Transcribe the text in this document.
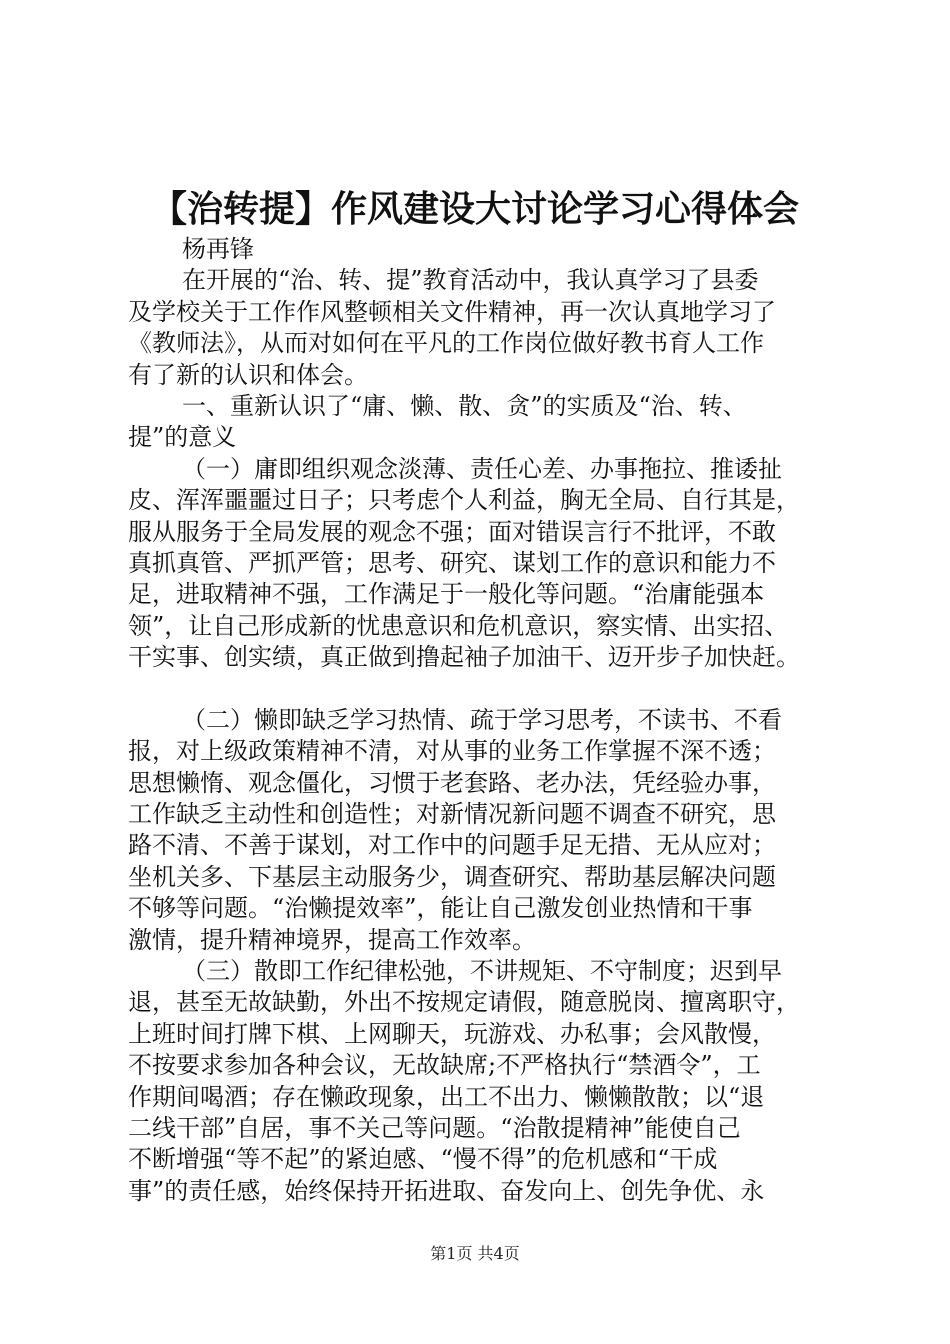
【治转提】作风建设大讨论学习心得体会
杨再锋
在开展的“治、转、提”教育活动中，我认真学习了县委
及学校关于工作作风整顿相关文件精神，再一次认真地学习了
《教师法》，从而对如何在平凡的工作岗位做好教书育人工作
有了新的认识和体会。
一、重新认识了“庸、懒、散、贪”的实质及“治、转、
提”的意义
（一）庸即组织观念淡薄、责任心差、办事拖拉、推诿扯
皮、浑浑噩噩过日子；只考虑个人利益，胸无全局、自行其是，
服从服务于全局发展的观念不强；面对错误言行不批评，不敢
真抓真管、严抓严管；思考、研究、谋划工作的意识和能力不
足，进取精神不强，工作满足于一般化等问题。“治庸能强本
领”，让自己形成新的忧患意识和危机意识，察实情、出实招、
干实事、创实绩，真正做到撸起袖子加油干、迈开步子加快赶。
（二）懒即缺乏学习热情、疏于学习思考，不读书、不看
报，对上级政策精神不清，对从事的业务工作掌握不深不透；
思想懒惰、观念僵化，习惯于老套路、老办法，凭经验办事，
工作缺乏主动性和创造性；对新情况新问题不调查不研究，思
路不清、不善于谋划，对工作中的问题手足无措、无从应对；
坐机关多、下基层主动服务少，调查研究、帮助基层解决问题
不够等问题。“治懒提效率”，能让自己激发创业热情和干事
激情，提升精神境界，提高工作效率。
（三）散即工作纪律松弛，不讲规矩、不守制度；迟到早
退，甚至无故缺勤，外出不按规定请假，随意脱岗、擅离职守，
上班时间打牌下棋、上网聊天，玩游戏、办私事；会风散慢，
不按要求参加各种会议，无故缺席;不严格执行“禁酒令”，工
作期间喝酒；存在懒政现象，出工不出力、懒懒散散；以“退
二线干部”自居，事不关己等问题。“治散提精神”能使自己
不断增强“等不起”的紧迫感、“慢不得”的危机感和“干成
事”的责任感，始终保持开拓进取、奋发向上、创先争优、永
第1页 共4页
